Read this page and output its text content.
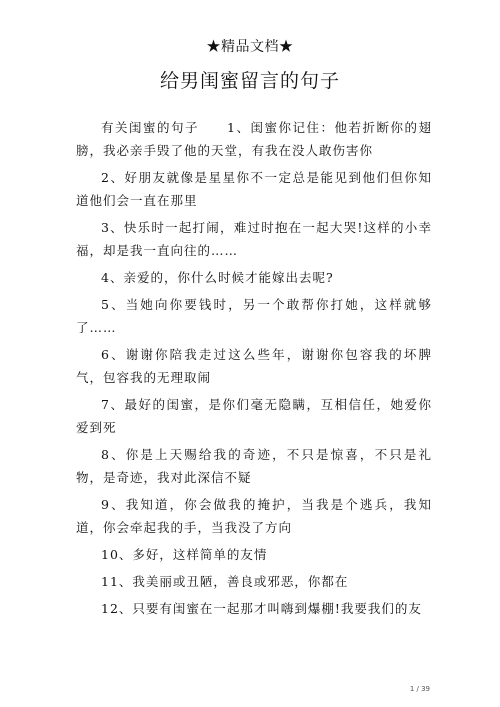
★精品文档★
给男闺蜜留言的句子

有关闺蜜的句子　　1、闺蜜你记住：他若折断你的翅膀，我必亲手毁了他的天堂，有我在没人敢伤害你

2、好朋友就像是星星你不一定总是能见到他们但你知道他们会一直在那里

3、快乐时一起打闹，难过时抱在一起大哭!这样的小幸福，却是我一直向往的……

4、亲爱的，你什么时候才能嫁出去呢?

5、当她向你要钱时，另一个敢帮你打她，这样就够了……

6、谢谢你陪我走过这么些年，谢谢你包容我的坏脾气，包容我的无理取闹

7、最好的闺蜜，是你们毫无隐瞒，互相信任，她爱你爱到死

8、你是上天赐给我的奇迹，不只是惊喜，不只是礼物，是奇迹，我对此深信不疑

9、我知道，你会做我的掩护，当我是个逃兵，我知道，你会牵起我的手，当我没了方向

10、多好，这样简单的友情

11、我美丽或丑陋，善良或邪恶，你都在

12、只要有闺蜜在一起那才叫嗨到爆棚!我要我们的友

1 / 39
